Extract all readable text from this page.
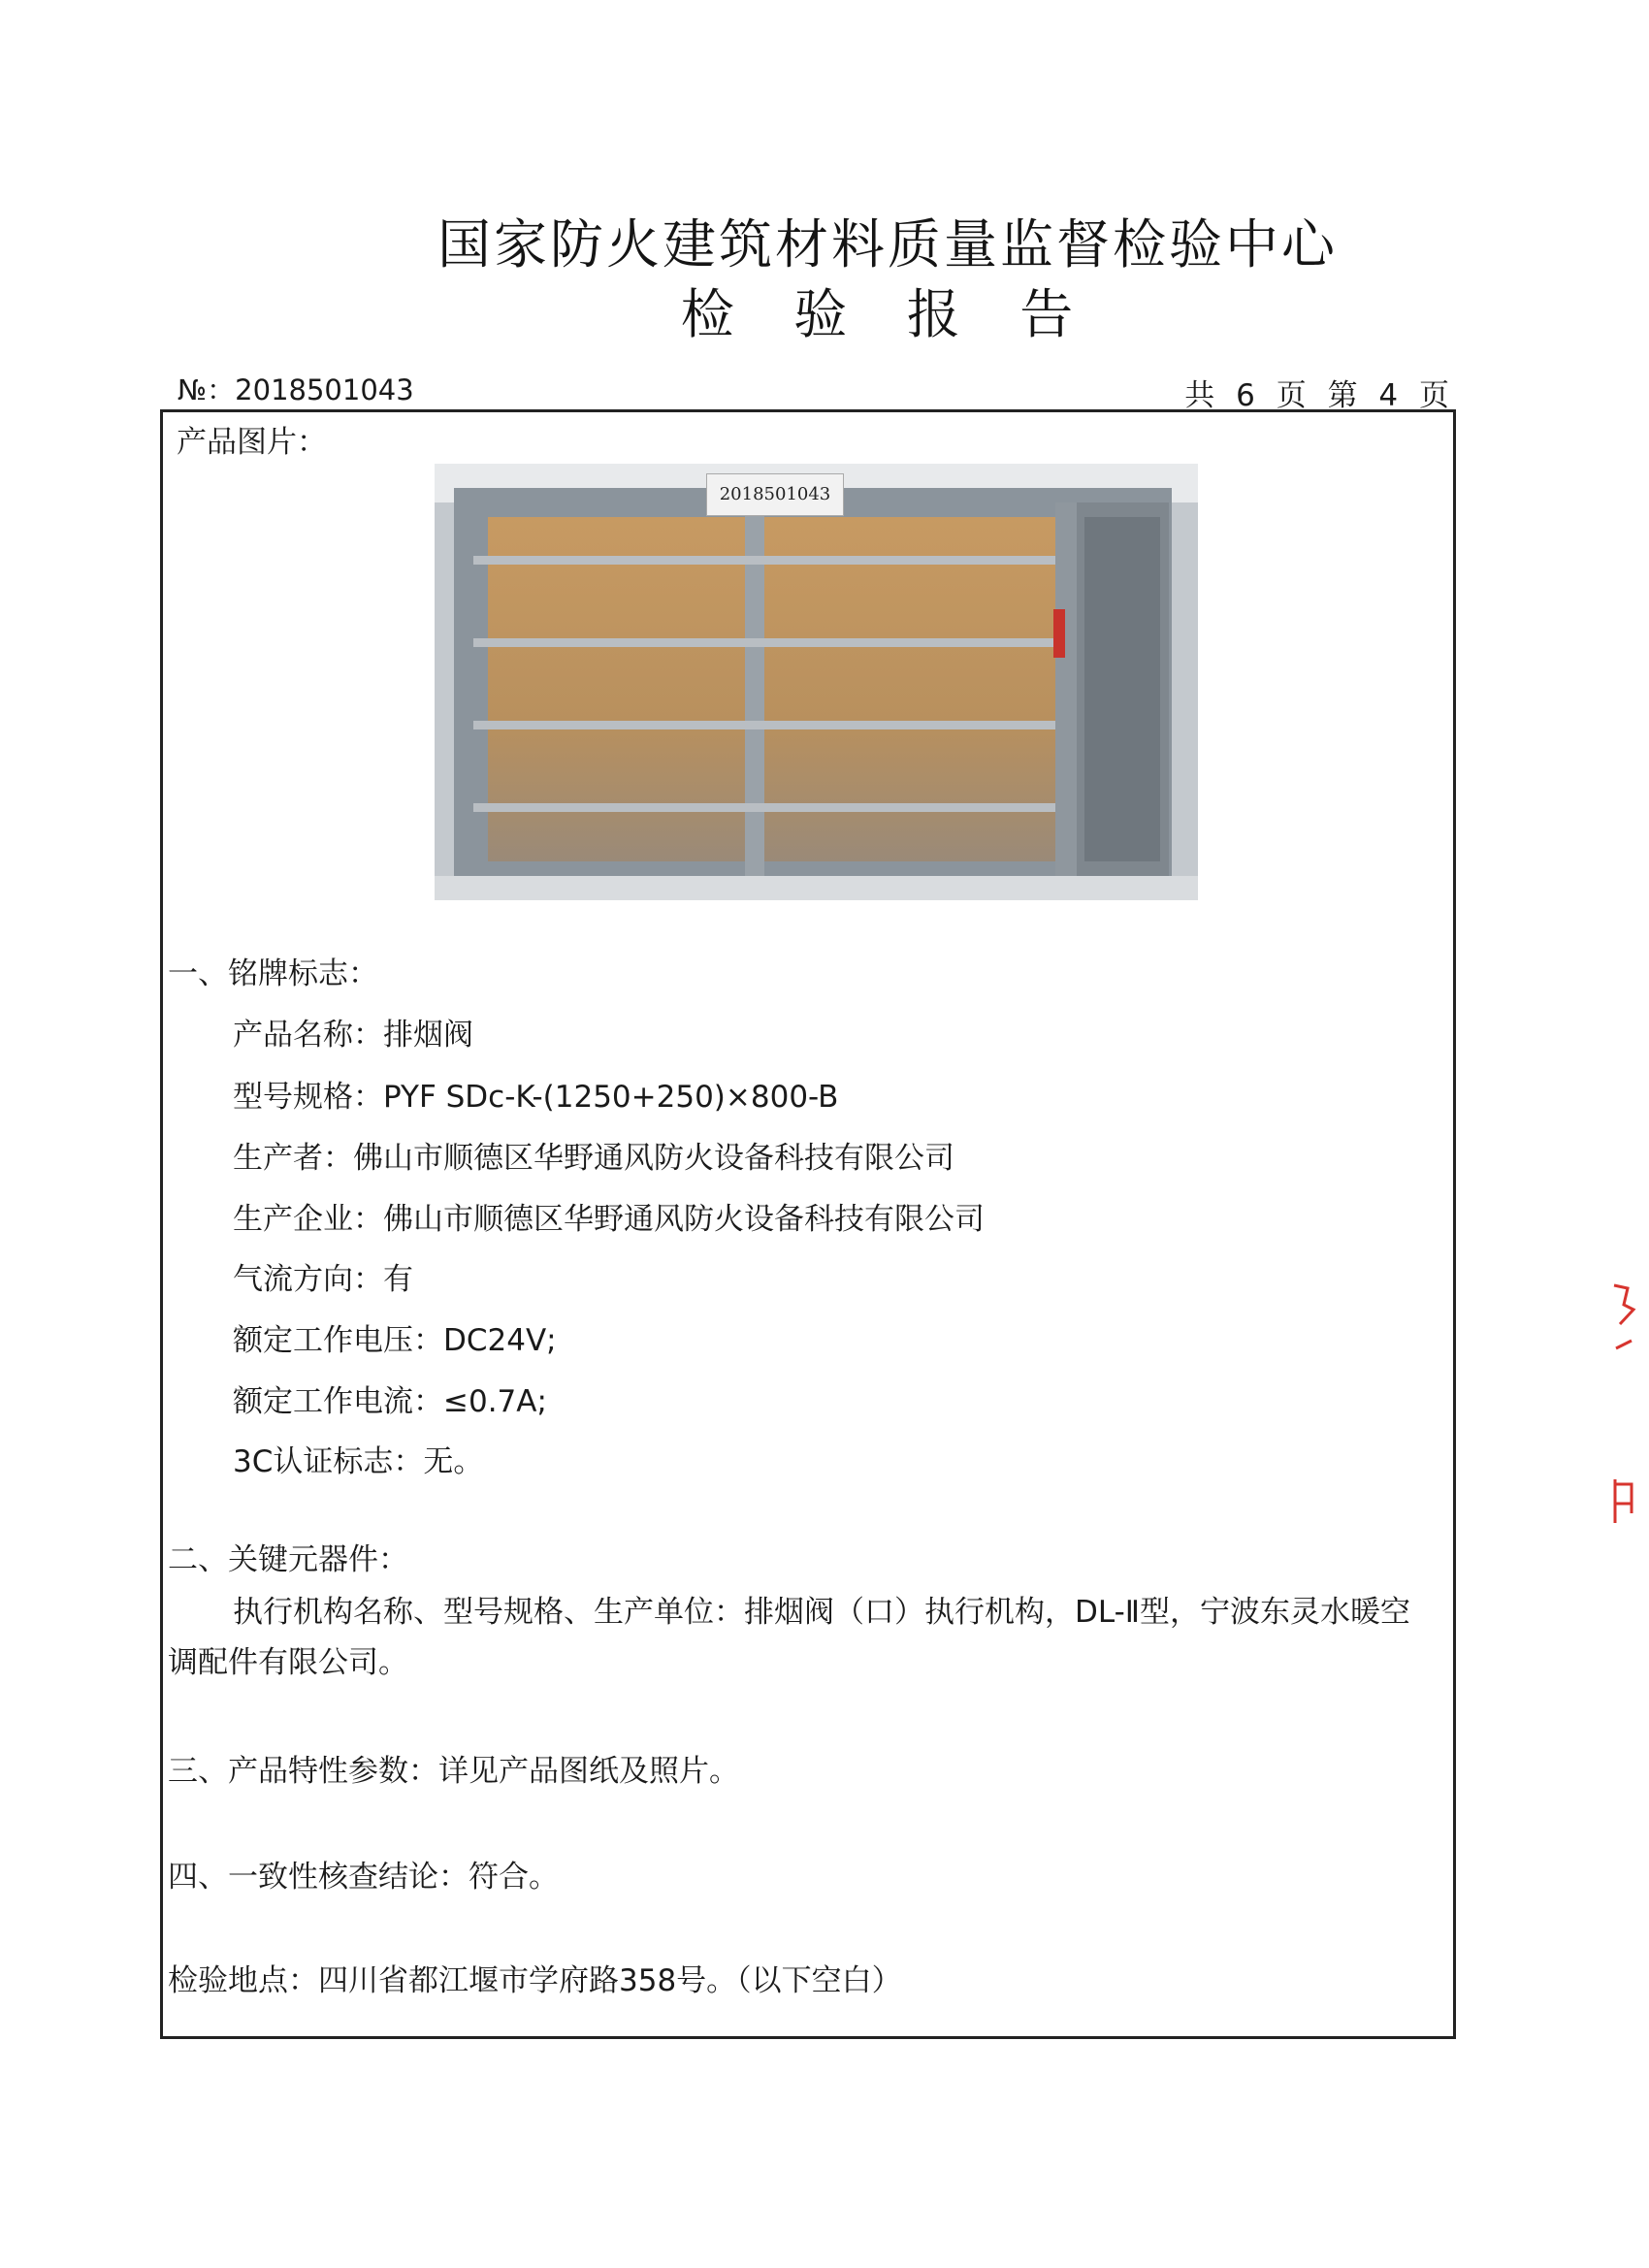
国家防火建筑材料质量监督检验中心
检 验 报 告
№：2018501043	共 6 页 第 4 页
产品图片：
2018501043
一、铭牌标志：
产品名称：排烟阀
型号规格：PYF SDc-K-(1250+250)×800-B
生产者：佛山市顺德区华野通风防火设备科技有限公司
生产企业：佛山市顺德区华野通风防火设备科技有限公司
气流方向：有
额定工作电压：DC24V;
额定工作电流：≤0.7A;
3C认证标志：无。
二、关键元器件：
执行机构名称、型号规格、生产单位：排烟阀（口）执行机构，DL-Ⅱ型，宁波东灵水暖空调配件有限公司。
三、产品特性参数：详见产品图纸及照片。
四、一致性核查结论：符合。
检验地点：四川省都江堰市学府路358号。（以下空白）
